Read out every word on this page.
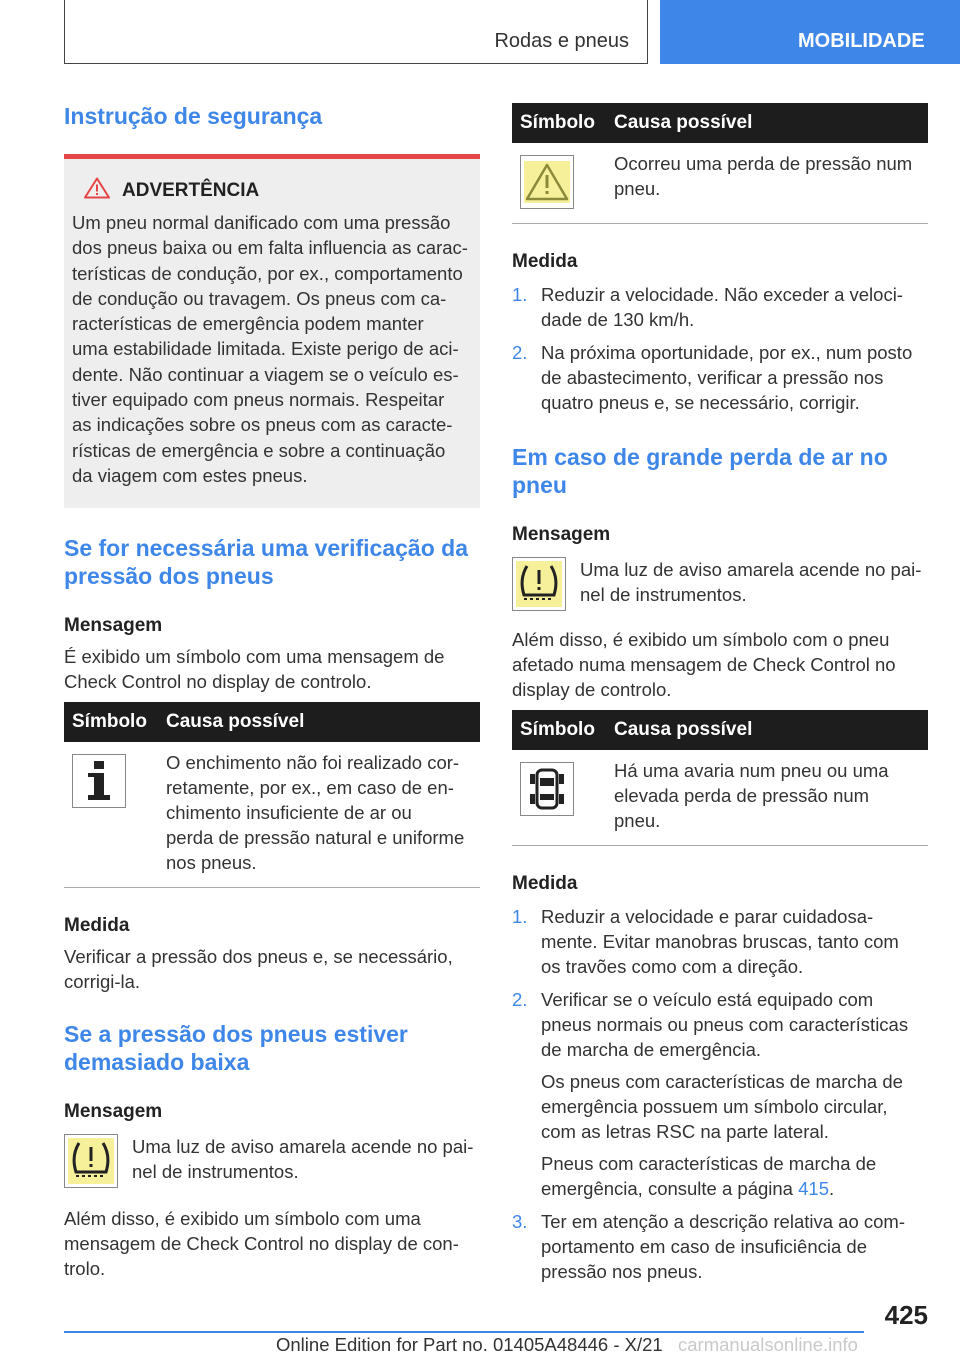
Rodas e pneus	MOBILIDADE
Instrução de segurança
ADVERTÊNCIA

Um pneu normal danificado com uma pressão
dos pneus baixa ou em falta influencia as carac-
terísticas de condução, por ex., comportamento
de condução ou travagem. Os pneus com ca-
racterísticas de emergência podem manter
uma estabilidade limitada. Existe perigo de aci-
dente. Não continuar a viagem se o veículo es-
tiver equipado com pneus normais. Respeitar
as indicações sobre os pneus com as caracte-
rísticas de emergência e sobre a continuação
da viagem com estes pneus.

Se for necessária uma verificação da
pressão dos pneus
Mensagem

É exibido um símbolo com uma mensagem de
Check Control no display de controlo.

Símbolo	Causa possível

	O enchimento não foi realizado cor-
retamente, por ex., em caso de en-
chimento insuficiente de ar ou
perda de pressão natural e uniforme
nos pneus.
Medida

Verificar a pressão dos pneus e, se necessário,
corrigi-la.

Se a pressão dos pneus estiver
demasiado baixa
Mensagem

Uma luz de aviso amarela acende no pai-
nel de instrumentos.

Além disso, é exibido um símbolo com uma
mensagem de Check Control no display de con-
trolo.

Símbolo	Causa possível

	Ocorreu uma perda de pressão num
pneu.
Medida
1. Reduzir a velocidade. Não exceder a veloci-
dade de 130 km/h.
2. Na próxima oportunidade, por ex., num posto
de abastecimento, verificar a pressão nos
quatro pneus e, se necessário, corrigir.
Em caso de grande perda de ar no
pneu
Mensagem

Uma luz de aviso amarela acende no pai-
nel de instrumentos.

Além disso, é exibido um símbolo com o pneu
afetado numa mensagem de Check Control no
display de controlo.

Símbolo	Causa possível

	Há uma avaria num pneu ou uma
elevada perda de pressão num
pneu.
Medida
1. Reduzir a velocidade e parar cuidadosa-
mente. Evitar manobras bruscas, tanto com
os travões como com a direção.
2. Verificar se o veículo está equipado com
pneus normais ou pneus com características
de marcha de emergência.
Os pneus com características de marcha de
emergência possuem um símbolo circular,
com as letras RSC na parte lateral.
Pneus com características de marcha de
emergência, consulte a página 415.
3. Ter em atenção a descrição relativa ao com-
portamento em caso de insuficiência de
pressão nos pneus.
425
Online Edition for Part no. 01405A48446 - X/21 carmanualsonline.info
